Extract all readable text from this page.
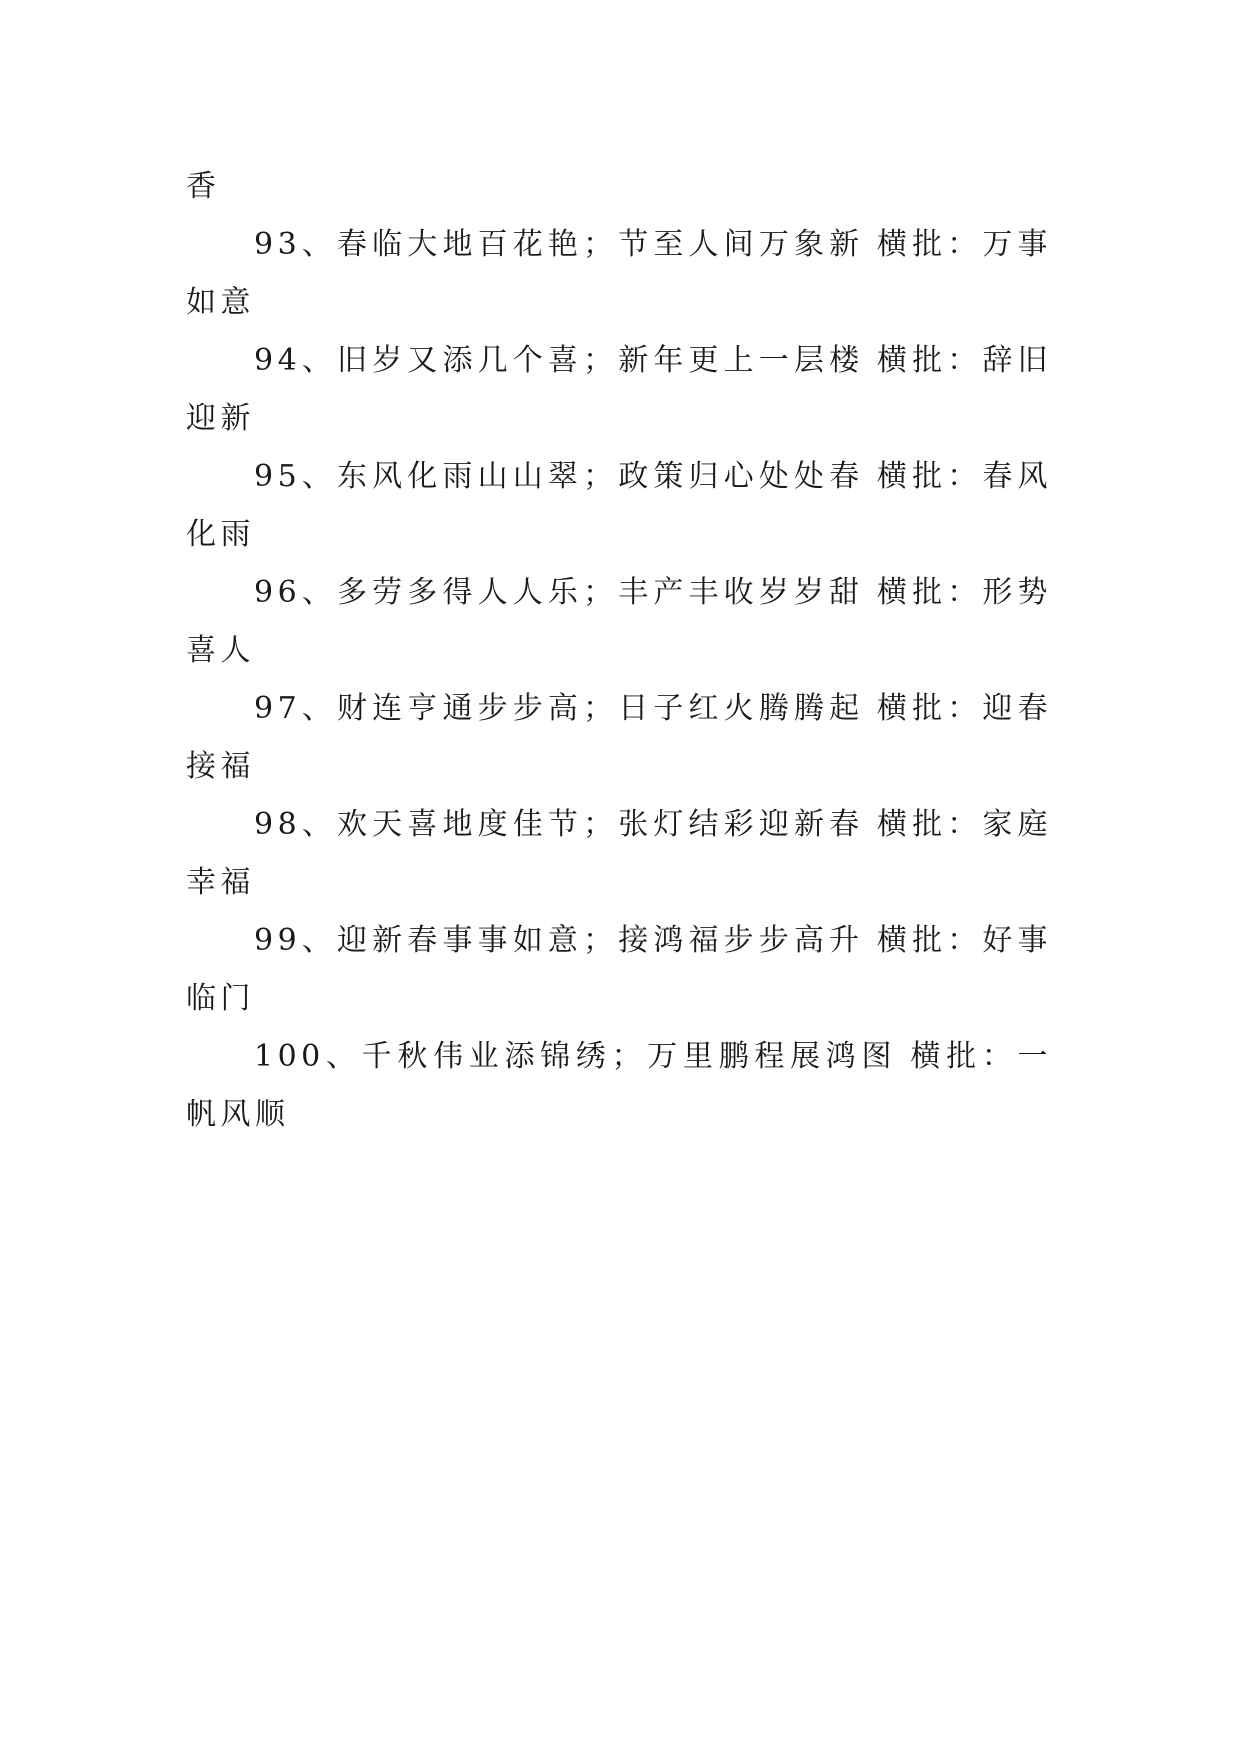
香

93、春临大地百花艳；节至人间万象新 横批：万事如意

94、旧岁又添几个喜；新年更上一层楼 横批：辞旧迎新

95、东风化雨山山翠；政策归心处处春 横批：春风化雨

96、多劳多得人人乐；丰产丰收岁岁甜 横批：形势喜人

97、财连亨通步步高；日子红火腾腾起 横批：迎春接福

98、欢天喜地度佳节；张灯结彩迎新春 横批：家庭幸福

99、迎新春事事如意；接鸿福步步高升 横批：好事临门

100、千秋伟业添锦绣；万里鹏程展鸿图 横批：一帆风顺
